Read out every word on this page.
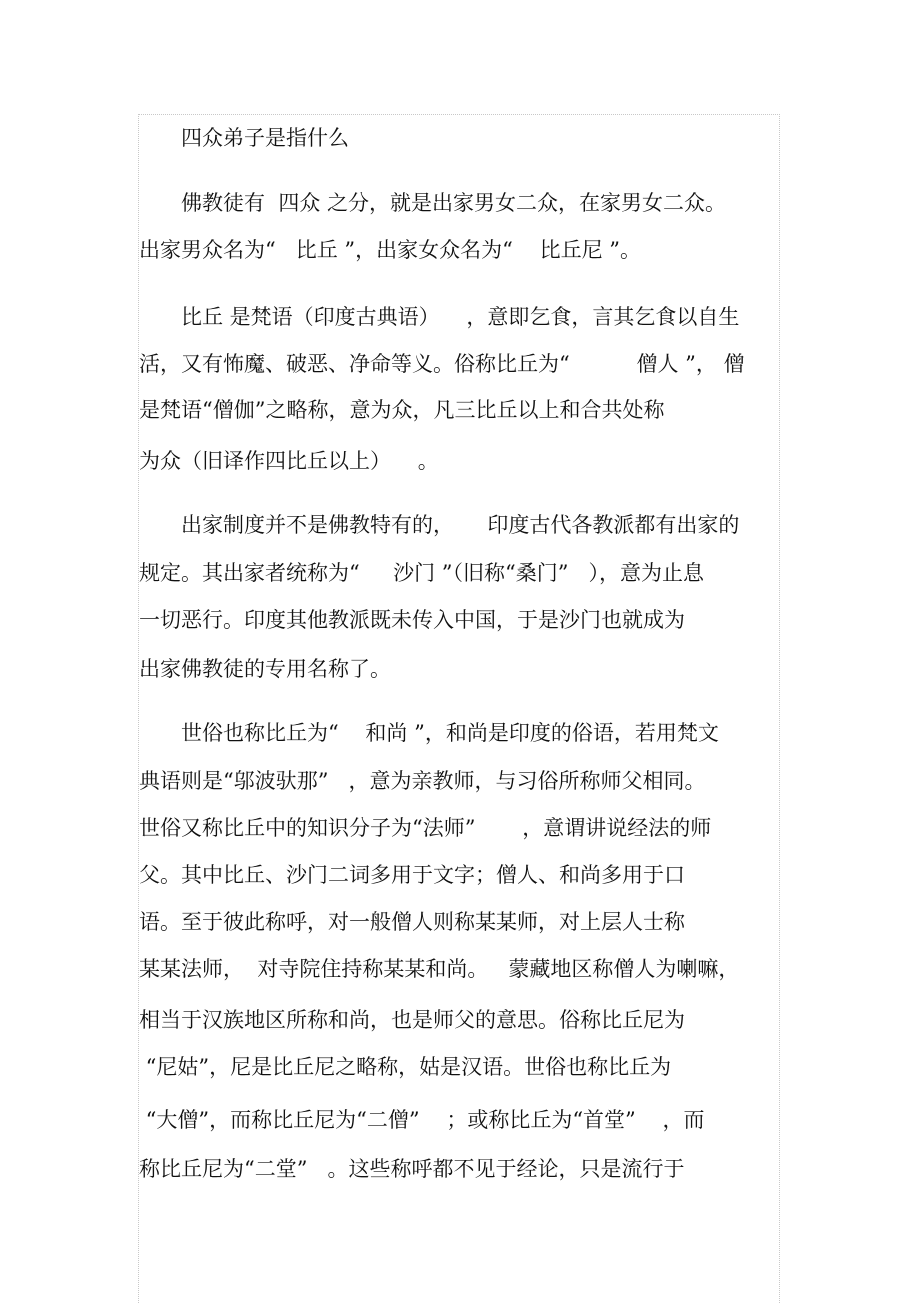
　　四众弟子是指什么
　　佛教徒有  四众 之分，就是出家男女二众，在家男女二众。
出家男众名为“   比丘 ”，出家女众名为“    比丘尼 ”。
　　比丘 是梵语（印度古典语）    ，意即乞食，言其乞食以自生
活，又有怖魔、破恶、净命等义。俗称比丘为“          僧人 ”， 僧
是梵语“僧伽”之略称，意为众，凡三比丘以上和合共处称
为众（旧译作四比丘以上）    。
　　出家制度并不是佛教特有的，     印度古代各教派都有出家的
规定。其出家者统称为“     沙门 ”（旧称“桑门”   ），意为止息
一切恶行。印度其他教派既未传入中国，于是沙门也就成为
出家佛教徒的专用名称了。
　　世俗也称比丘为“    和尚 ”，和尚是印度的俗语，若用梵文
典语则是“邬波驮那”   ，意为亲教师，与习俗所称师父相同。
世俗又称比丘中的知识分子为“法师”       ，意谓讲说经法的师
父。其中比丘、沙门二词多用于文字；僧人、和尚多用于口
语。至于彼此称呼，对一般僧人则称某某师，对上层人士称
某某法师，  对寺院住持称某某和尚。   蒙藏地区称僧人为喇嘛，
相当于汉族地区所称和尚，也是师父的意思。俗称比丘尼为
“尼姑”，尼是比丘尼之略称，姑是汉语。世俗也称比丘为
“大僧”，而称比丘尼为“二僧”    ；或称比丘为“首堂”    ，而
称比丘尼为“二堂”   。这些称呼都不见于经论，只是流行于
